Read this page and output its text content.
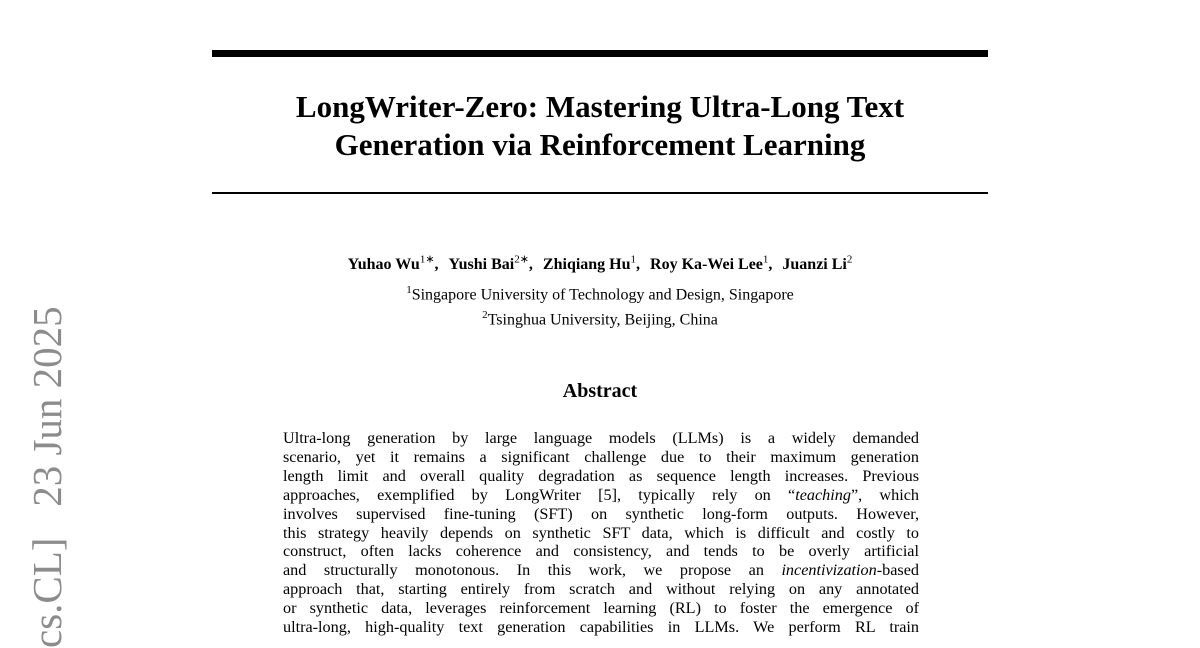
LongWriter-Zero: Mastering Ultra-Long Text
Generation via Reinforcement Learning
Yuhao $Wu^{1∗}$, Yushi Bai$^{2∗}$, Zhiqiang Hu$^1$, Roy Ka-Wei Lee$^1$, Juanzi Li$^2$
$^1$Singapore University of Technology and Design, Singapore
$^2$Tsinghua University, Beijing, China
Abstract
Ultra-long generation by large language models (LLMs) is a widely demanded
scenario, yet it remains a significant challenge due to their maximum generation
length limit and overall quality degradation as sequence length increases. Previous
approaches, exemplified by LongWriter [5], typically rely on “teaching”, which
involves supervised fine-tuning (SFT) on synthetic long-form outputs. However,
this strategy heavily depends on synthetic SFT data, which is difficult and costly to
construct, often lacks coherence and consistency, and tends to be overly artificial
and structurally monotonous. In this work, we propose an incentivization-based
approach that, starting entirely from scratch and without relying on any annotated
or synthetic data, leverages reinforcement learning (RL) to foster the emergence of
ultra-long, high-quality text generation capabilities in LLMs. We perform RL train
cs.CL]   23 Jun 2025
